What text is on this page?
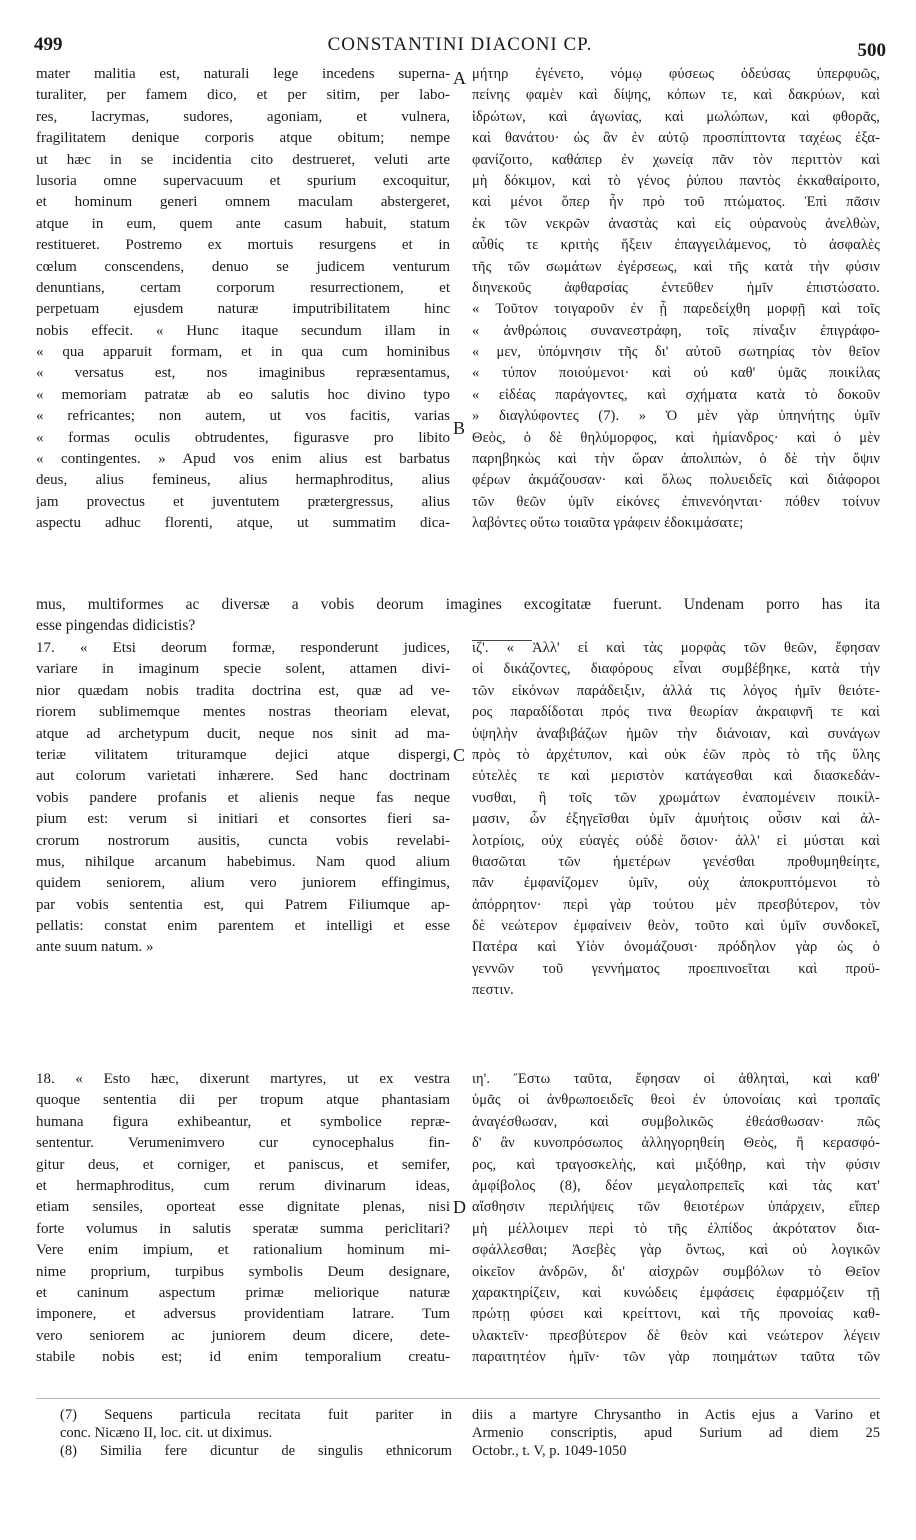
499	CONSTANTINI DIACONI CP.	500
mater malitia est, naturali lege incedens superna-
turaliter, per famem dico, et per sitim, per labo-
res, lacrymas, sudores, agoniam, et vulnera,
fragilitatem denique corporis atque obitum; nempe
ut hæc in se incidentia cito destrueret, veluti arte
lusoria omne supervacuum et spurium excoquitur,
et hominum generi omnem maculam abstergeret,
atque in eum, quem ante casum habuit, statum
restitueret. Postremo ex mortuis resurgens et in
cœlum conscendens, denuo se judicem venturum
denuntians, certam corporum resurrectionem, et
perpetuam ejusdem naturæ imputribilitatem hinc
nobis effecit. « Hunc itaque secundum illam in
« qua apparuit formam, et in qua cum hominibus
« versatus est, nos imaginibus repræsentamus,
« memoriam patratæ ab eo salutis hoc divino typo
« refricantes; non autem, ut vos facitis, varias
« formas oculis obtrudentes, figurasve pro libito
« contingentes. » Apud vos enim alius est barbatus
deus, alius femineus, alius hermaphroditus, alius
jam provectus et juventutem prætergressus, alius
aspectu adhuc florenti, atque, ut summatim dica-
μήτηρ ἐγένετο, νόμῳ φύσεως ὁδεύσας ὑπερφυῶς,
πείνης φαμὲν καὶ δίψης, κόπων τε, καὶ δακρύων, καὶ
ἱδρώτων, καὶ ἀγωνίας, καὶ μωλώπων, καὶ φθορᾶς,
καὶ θανάτου· ὡς ἂν ἐν αὐτῷ προσπίπτοντα ταχέως ἐξα-
φανίζοιτο, καθάπερ ἐν χωνείᾳ πᾶν τὸν περιττὸν καὶ
μὴ δόκιμον, καὶ τὸ γένος ῥύπου παντὸς ἐκκαθαίροιτο,
καὶ μένοι ὅπερ ἦν πρὸ τοῦ πτώματος. Ἐπὶ πᾶσιν
ἐκ τῶν νεκρῶν ἀναστὰς καὶ εἰς οὐρανοὺς ἀνελθὼν,
αὖθίς τε κριτὴς ἥξειν ἐπαγγειλάμενος, τὸ ἀσφαλὲς
τῆς τῶν σωμάτων ἐγέρσεως, καὶ τῆς κατὰ τὴν φύσιν
διηνεκοῦς ἀφθαρσίας ἐντεῦθεν ἡμῖν ἐπιστώσατο.
« Τοῦτον τοιγαροῦν ἐν ᾗ παρεδείχθη μορφῇ καὶ τοῖς
« ἀνθρώποις συνανεστράφη, τοῖς πίναξιν ἐπιγράφο-
« μεν, ὑπόμνησιν τῆς δι' αὐτοῦ σωτηρίας τὸν θεῖον
« τύπον ποιούμενοι· καὶ οὐ καθ' ὑμᾶς ποικίλας
« εἰδέας παράγοντες, καὶ σχήματα κατὰ τὸ δοκοῦν
» διαγλύφοντες (7). » Ὁ μὲν γὰρ ὑπηνήτης ὑμῖν
Θεὸς, ὁ δὲ θηλύμορφος, καὶ ἡμίανδρος· καὶ ὁ μὲν
παρηβηκὼς καὶ τὴν ὥραν ἀπολιπὼν, ὁ δὲ τὴν ὄψιν
φέρων ἀκμάζουσαν· καὶ ὅλως πολυειδεῖς καὶ διάφοροι
τῶν θεῶν ὑμῖν εἰκόνες ἐπινενόηνται· πόθεν τοίνυν
λαβόντες οὕτω τοιαῦτα γράφειν ἐδοκιμάσατε;
mus, multiformes ac diversæ a vobis deorum imagines excogitatæ fuerunt. Undenam porro has ita
esse pingendas didicistis?
17. « Etsi deorum formæ, responderunt judices,
variare in imaginum specie solent, attamen divi-
nior quædam nobis tradita doctrina est, quæ ad ve-
riorem sublimemque mentes nostras theoriam elevat,
atque ad archetypum ducit, neque nos sinit ad ma-
teriæ vilitatem trituramque dejici atque dispergi,
aut colorum varietati inhærere. Sed hanc doctrinam
vobis pandere profanis et alienis neque fas neque
pium est: verum si initiari et consortes fieri sa-
crorum nostrorum ausitis, cuncta vobis revelabi-
mus, nihilque arcanum habebimus. Nam quod alium
quidem seniorem, alium vero juniorem effingimus,
par vobis sententia est, qui Patrem Filiumque ap-
pellatis: constat enim parentem et intelligi et esse
ante suum natum. »
ιζ'. « Ἀλλ' εἰ καὶ τὰς μορφὰς τῶν θεῶν, ἔφησαν
οἱ δικάζοντες, διαφόρους εἶναι συμβέβηκε, κατὰ τὴν
τῶν εἰκόνων παράδειξιν, ἀλλά τις λόγος ἡμῖν θειότε-
ρος παραδίδοται πρός τινα θεωρίαν ἀκραιφνῆ τε καὶ
ὑψηλὴν ἀναβιβάζων ἡμῶν τὴν διάνοιαν, καὶ συνάγων
πρὸς τὸ ἀρχέτυπον, καὶ οὐκ ἐῶν πρὸς τὸ τῆς ὕλης
εὐτελὲς τε καὶ μεριστὸν κατάγεσθαι καὶ διασκεδάν-
νυσθαι, ἢ τοῖς τῶν χρωμάτων ἐναπομένειν ποικίλ-
μασιν, ὧν ἐξηγεῖσθαι ὑμῖν ἀμυήτοις οὖσιν καὶ ἀλ-
λοτρίοις, οὐχ εὐαγὲς οὐδὲ ὅσιον· ἀλλ' εἰ μύσται καὶ
θιασῶται τῶν ἡμετέρων γενέσθαι προθυμηθείητε,
πᾶν ἐμφανίζομεν ὑμῖν, οὐχ ἀποκρυπτόμενοι τὸ
ἀπόρρητον· περὶ γὰρ τούτου μὲν πρεσβύτερον, τὸν
δὲ νεώτερον ἐμφαίνειν θεὸν, τοῦτο καὶ ὑμῖν συνδοκεῖ,
Πατέρα καὶ Υἱὸν ὀνομάζουσι· πρόδηλον γὰρ ὡς ὁ
γεννῶν τοῦ γεννήματος προεπινοεῖται καὶ προϋ-
πεστιν.
18. « Esto hæc, dixerunt martyres, ut ex vestra
quoque sententia dii per tropum atque phantasiam
humana figura exhibeantur, et symbolice repræ-
sententur. Verumenimvero cur cynocephalus fin-
gitur deus, et corniger, et paniscus, et semifer,
et hermaphroditus, cum rerum divinarum ideas,
etiam sensiles, oporteat esse dignitate plenas, nisi
forte volumus in salutis speratæ summa periclitari?
Vere enim impium, et rationalium hominum mi-
nime proprium, turpibus symbolis Deum designare,
et caninum aspectum primæ meliorique naturæ
imponere, et adversus providentiam latrare. Tum
vero seniorem ac juniorem deum dicere, dete-
stabile nobis est; id enim temporalium creatu-
ιη'. Ἔστω ταῦτα, ἔφησαν οἱ ἀθληταὶ, καὶ καθ'
ὑμᾶς οἱ ἀνθρωποειδεῖς θεοὶ ἐν ὑπονοίαις καὶ τροπαῖς
ἀναγέσθωσαν, καὶ συμβολικῶς ἐθεάσθωσαν· πῶς
δ' ἂν κυνοπρόσωπος ἀλληγορηθείη Θεὸς, ἢ κερασφό-
ρος, καὶ τραγοσκελὴς, καὶ μιξόθηρ, καὶ τὴν φύσιν
ἀμφίβολος (8), δέον μεγαλοπρεπεῖς καὶ τὰς κατ'
αἴσθησιν περιλήψεις τῶν θειοτέρων ὑπάρχειν, εἴπερ
μὴ μέλλοιμεν περὶ τὸ τῆς ἐλπίδος ἀκρότατον δια-
σφάλλεσθαι; Ἀσεβὲς γὰρ ὄντως, καὶ οὐ λογικῶν
οἰκεῖον ἀνδρῶν, δι' αἰσχρῶν συμβόλων τὸ Θεῖον
χαρακτηρίζειν, καὶ κυνώδεις ἐμφάσεις ἐφαρμόζειν τῇ
πρώτῃ φύσει καὶ κρείττονι, καὶ τῆς προνοίας καθ-
υλακτεῖν· πρεσβύτερον δὲ θεὸν καὶ νεώτερον λέγειν
παραιτητέον ἡμῖν· τῶν γὰρ ποιημάτων ταῦτα τῶν
A
B
C
D
(7) Sequens particula recitata fuit pariter in
conc. Nicæno II, loc. cit. ut diximus.
(8) Similia fere dicuntur de singulis ethnicorum
diis a martyre Chrysantho in Actis ejus a Varino et
Armenio conscriptis, apud Surium ad diem 25
Octobr., t. V, p. 1049-1050
